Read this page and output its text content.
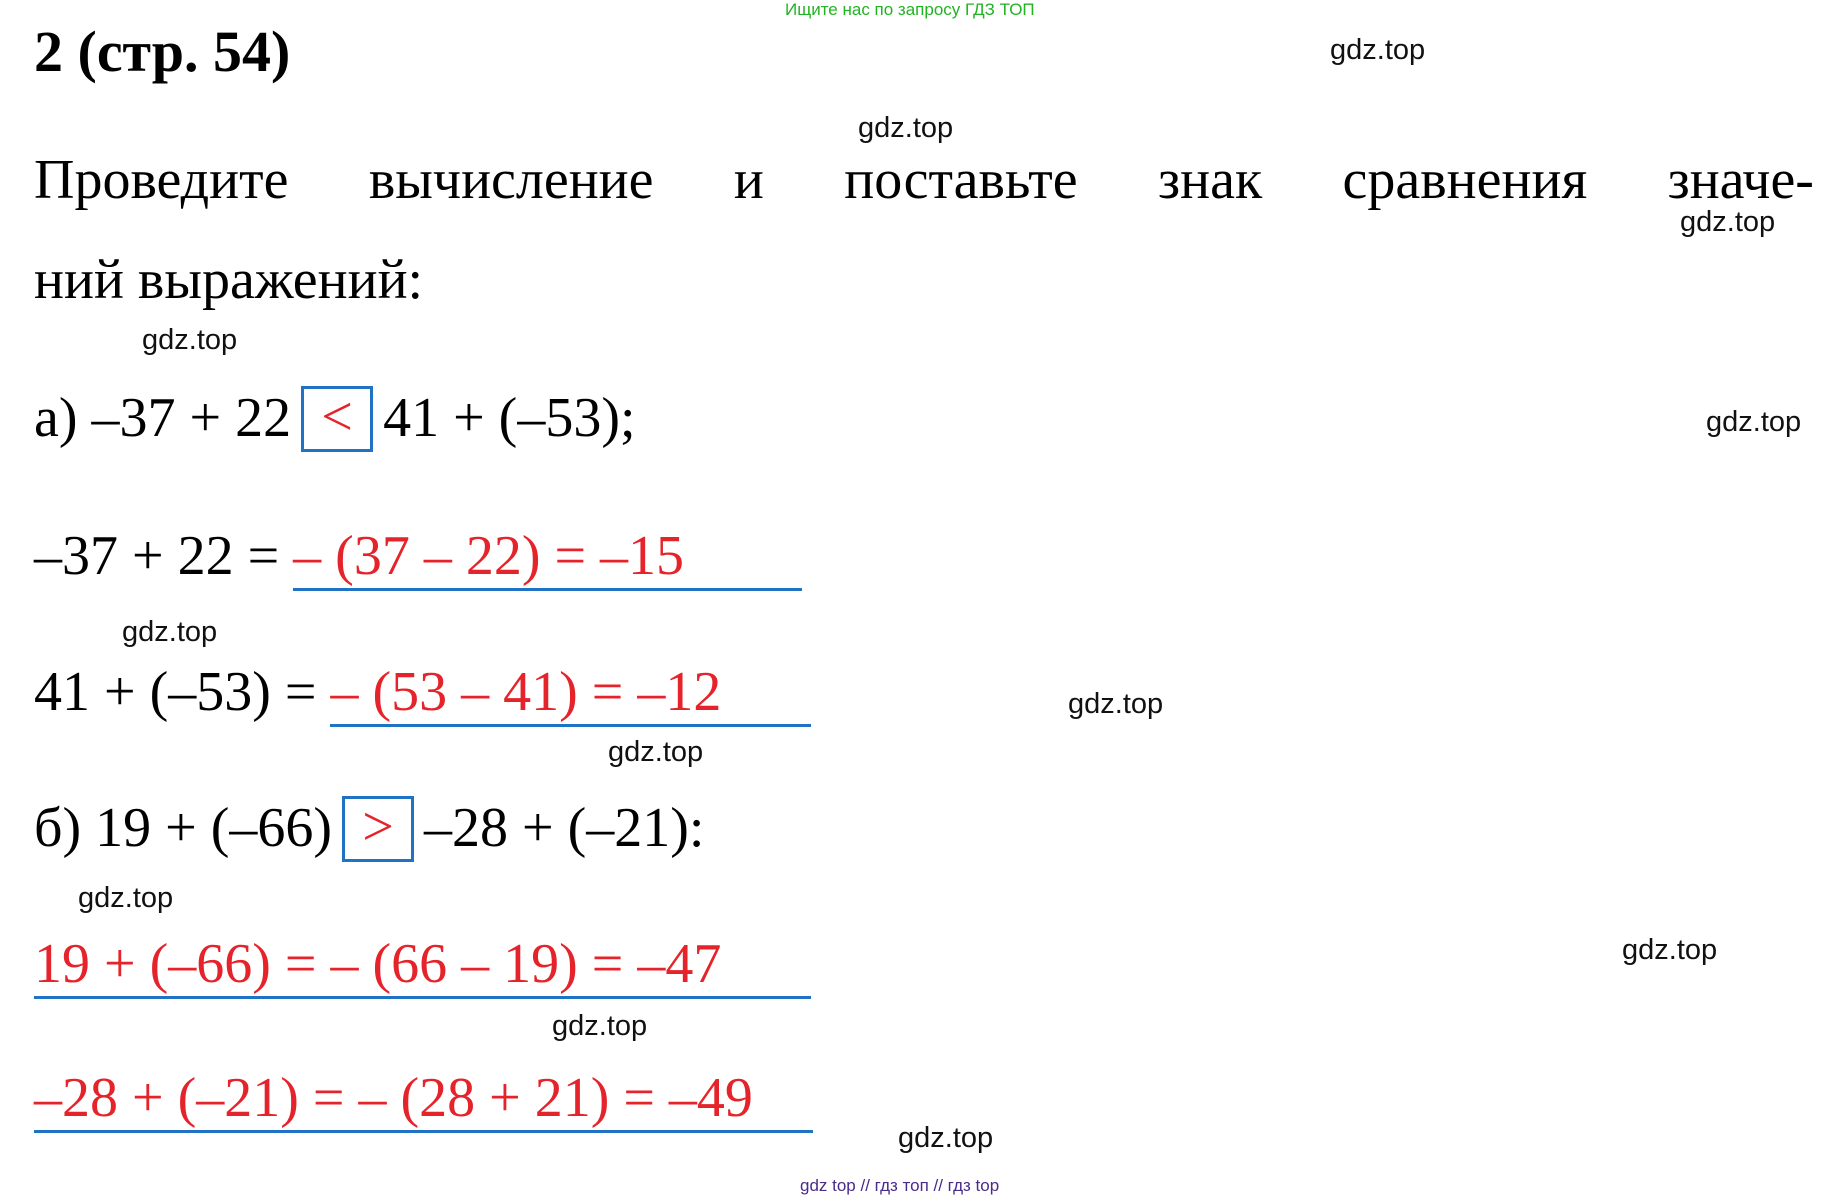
Ищите нас по запросу ГДЗ ТОП
2 (стр. 54)
Проведите вычисление и поставьте знак сравнения значе-
ний выражений:
а) –37 + 22 < 41 + (–53);
–37 + 22 = – (37 – 22) = –15
41 + (–53) = – (53 – 41) = –12
б) 19 + (–66) > –28 + (–21):
19 + (–66) = – (66 – 19) = –47
–28 + (–21) = – (28 + 21) = –49
gdz.top
gdz.top
gdz.top
gdz.top
gdz.top
gdz.top
gdz.top
gdz.top
gdz.top
gdz.top
gdz.top
gdz.top
gdz top // гдз топ // гдз top
